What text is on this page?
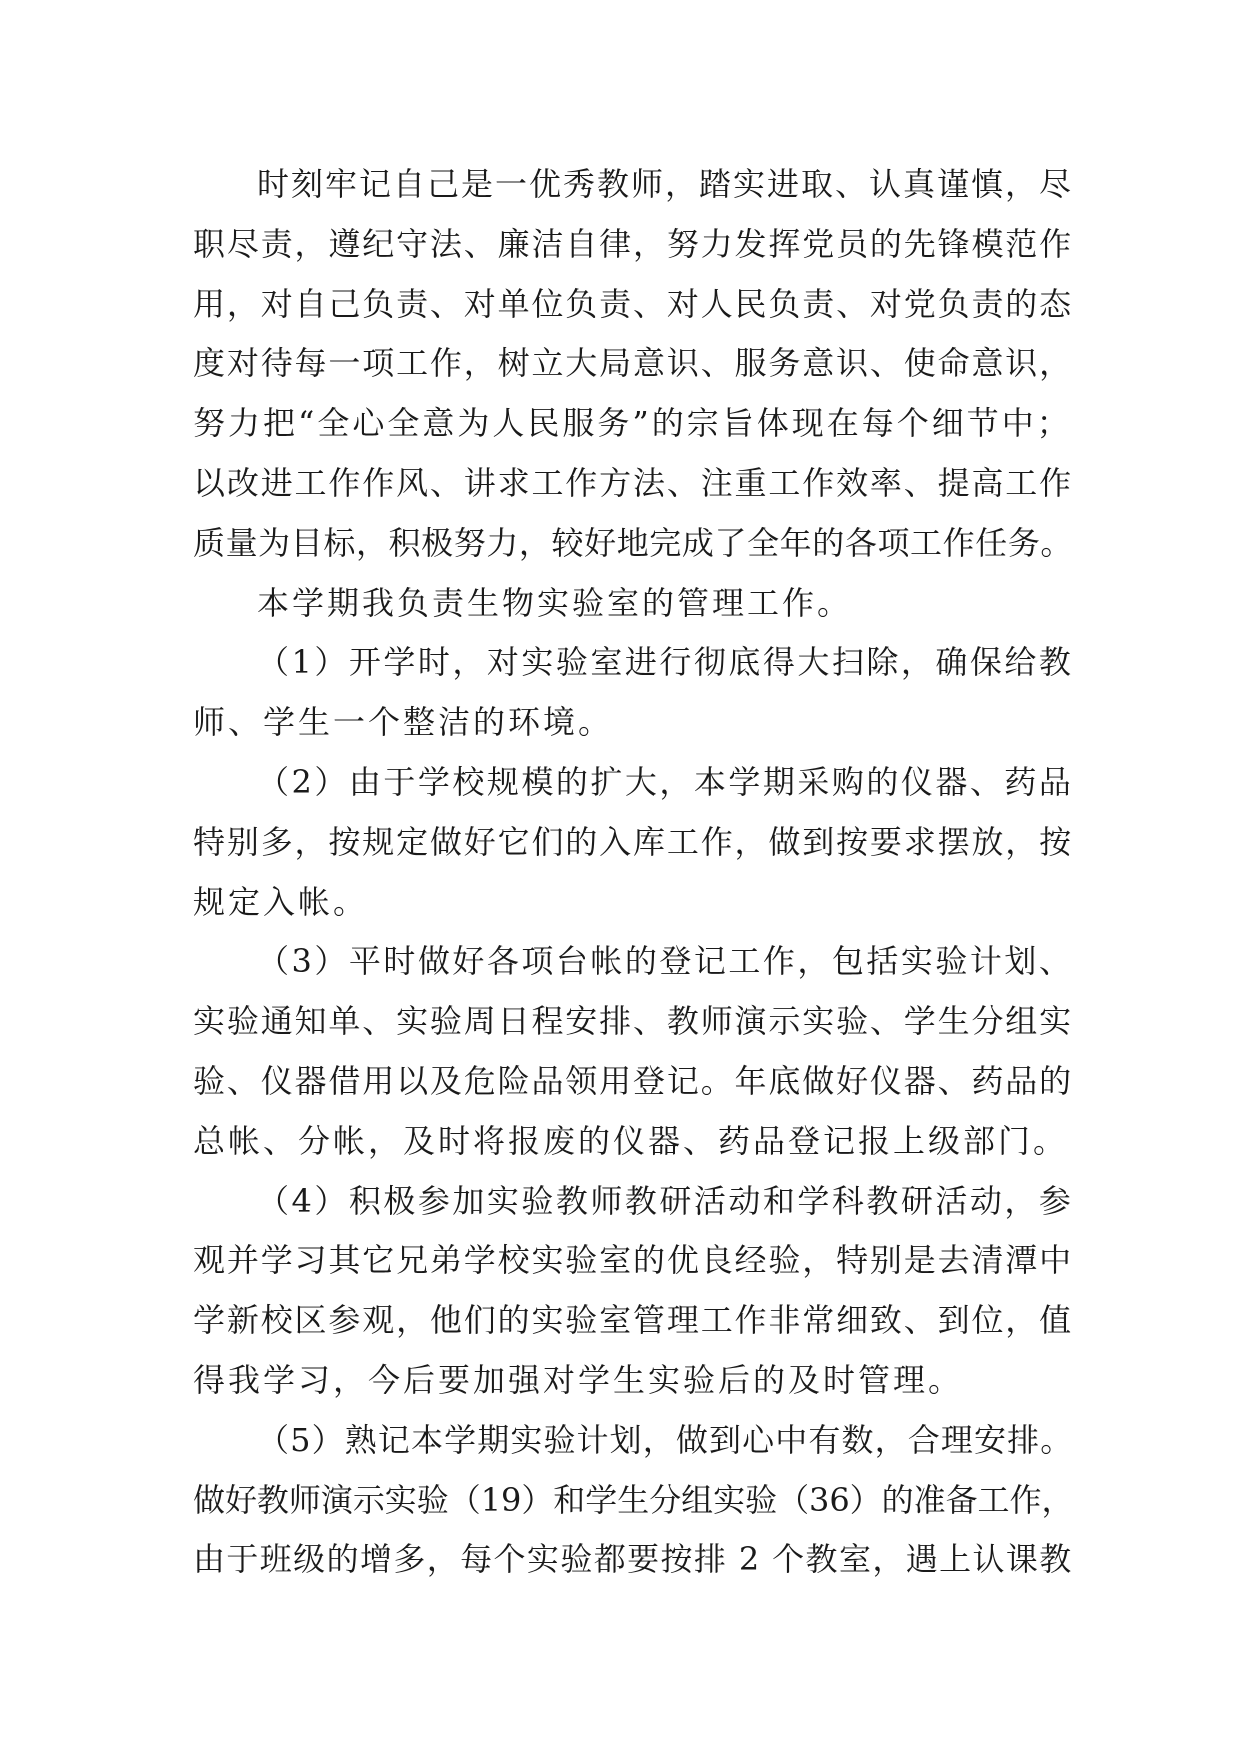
时刻牢记自己是一优秀教师，踏实进取、认真谨慎，尽
职尽责，遵纪守法、廉洁自律，努力发挥党员的先锋模范作
用，对自己负责、对单位负责、对人民负责、对党负责的态
度对待每一项工作，树立大局意识、服务意识、使命意识，
努力把“全心全意为人民服务”的宗旨体现在每个细节中；
以改进工作作风、讲求工作方法、注重工作效率、提高工作
质量为目标，积极努力，较好地完成了全年的各项工作任务。
本学期我负责生物实验室的管理工作。
（1）开学时，对实验室进行彻底得大扫除，确保给教
师、学生一个整洁的环境。
（2）由于学校规模的扩大，本学期采购的仪器、药品
特别多，按规定做好它们的入库工作，做到按要求摆放，按
规定入帐。
（3）平时做好各项台帐的登记工作，包括实验计划、
实验通知单、实验周日程安排、教师演示实验、学生分组实
验、仪器借用以及危险品领用登记。年底做好仪器、药品的
总帐、分帐，及时将报废的仪器、药品登记报上级部门。
（4）积极参加实验教师教研活动和学科教研活动，参
观并学习其它兄弟学校实验室的优良经验，特别是去清潭中
学新校区参观，他们的实验室管理工作非常细致、到位，值
得我学习，今后要加强对学生实验后的及时管理。
（5）熟记本学期实验计划，做到心中有数，合理安排。
做好教师演示实验（19）和学生分组实验（36）的准备工作，
由于班级的增多，每个实验都要按排 2 个教室，遇上认课教
